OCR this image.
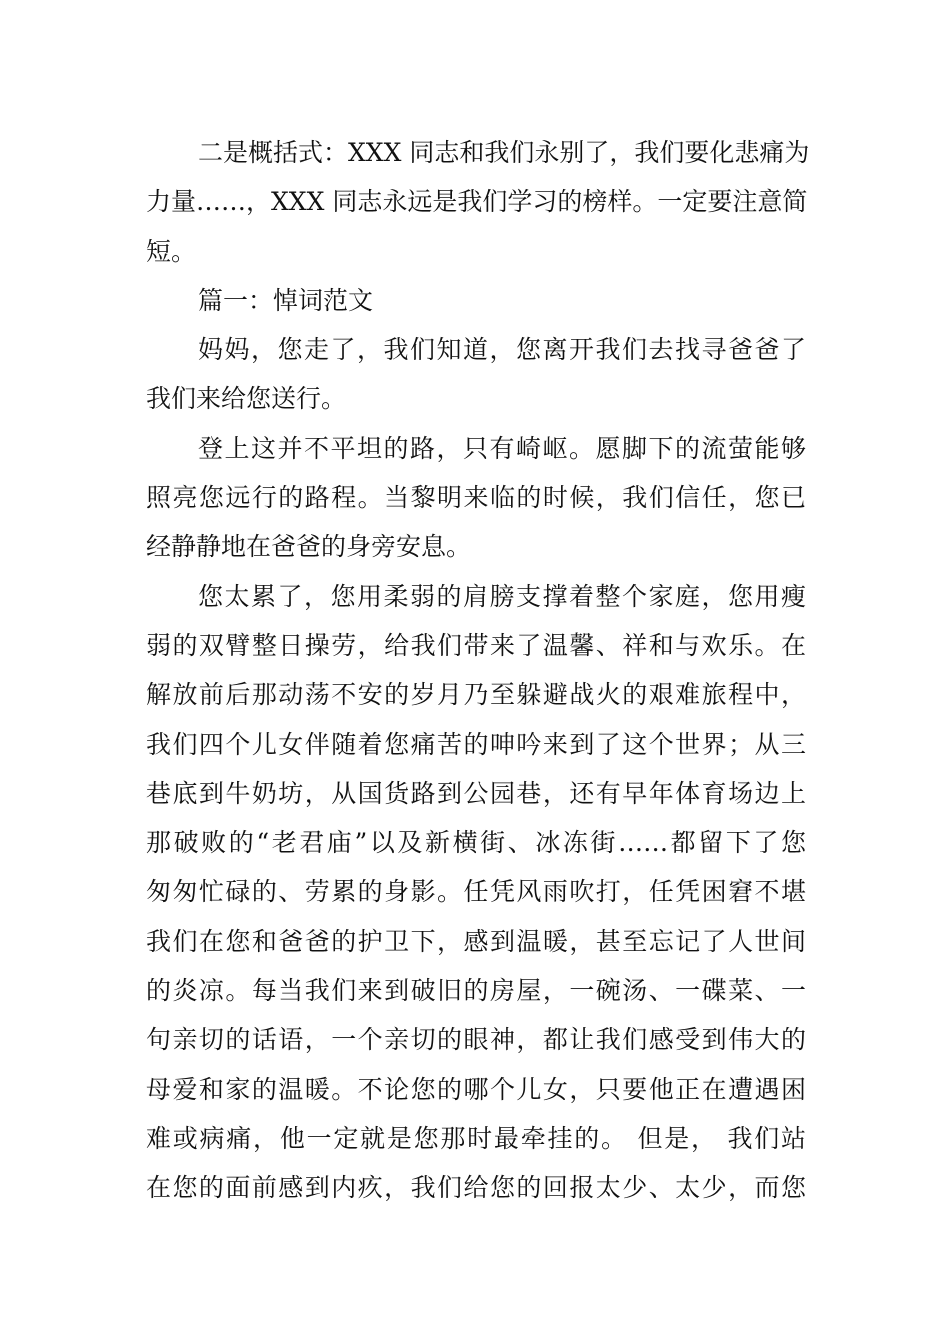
二是概括式：XXX 同志和我们永别了，我们要化悲痛为
力量……，XXX 同志永远是我们学习的榜样。一定要注意简
短。
篇一：悼词范文
妈妈，您走了，我们知道，您离开我们去找寻爸爸了
我们来给您送行。
登上这并不平坦的路，只有崎岖。愿脚下的流萤能够
照亮您远行的路程。当黎明来临的时候，我们信任，您已
经静静地在爸爸的身旁安息。
您太累了，您用柔弱的肩膀支撑着整个家庭，您用瘦
弱的双臂整日操劳，给我们带来了温馨、祥和与欢乐。在
解放前后那动荡不安的岁月乃至躲避战火的艰难旅程中，
我们四个儿女伴随着您痛苦的呻吟来到了这个世界；从三
巷底到牛奶坊，从国货路到公园巷，还有早年体育场边上
那破败的“老君庙”以及新横街、冰冻街……都留下了您
匆匆忙碌的、劳累的身影。任凭风雨吹打，任凭困窘不堪
我们在您和爸爸的护卫下，感到温暖，甚至忘记了人世间
的炎凉。每当我们来到破旧的房屋，一碗汤、一碟菜、一
句亲切的话语，一个亲切的眼神，都让我们感受到伟大的
母爱和家的温暖。不论您的哪个儿女，只要他正在遭遇困
难或病痛，他一定就是您那时最牵挂的。 但是， 我们站
在您的面前感到内疚，我们给您的回报太少、太少，而您
